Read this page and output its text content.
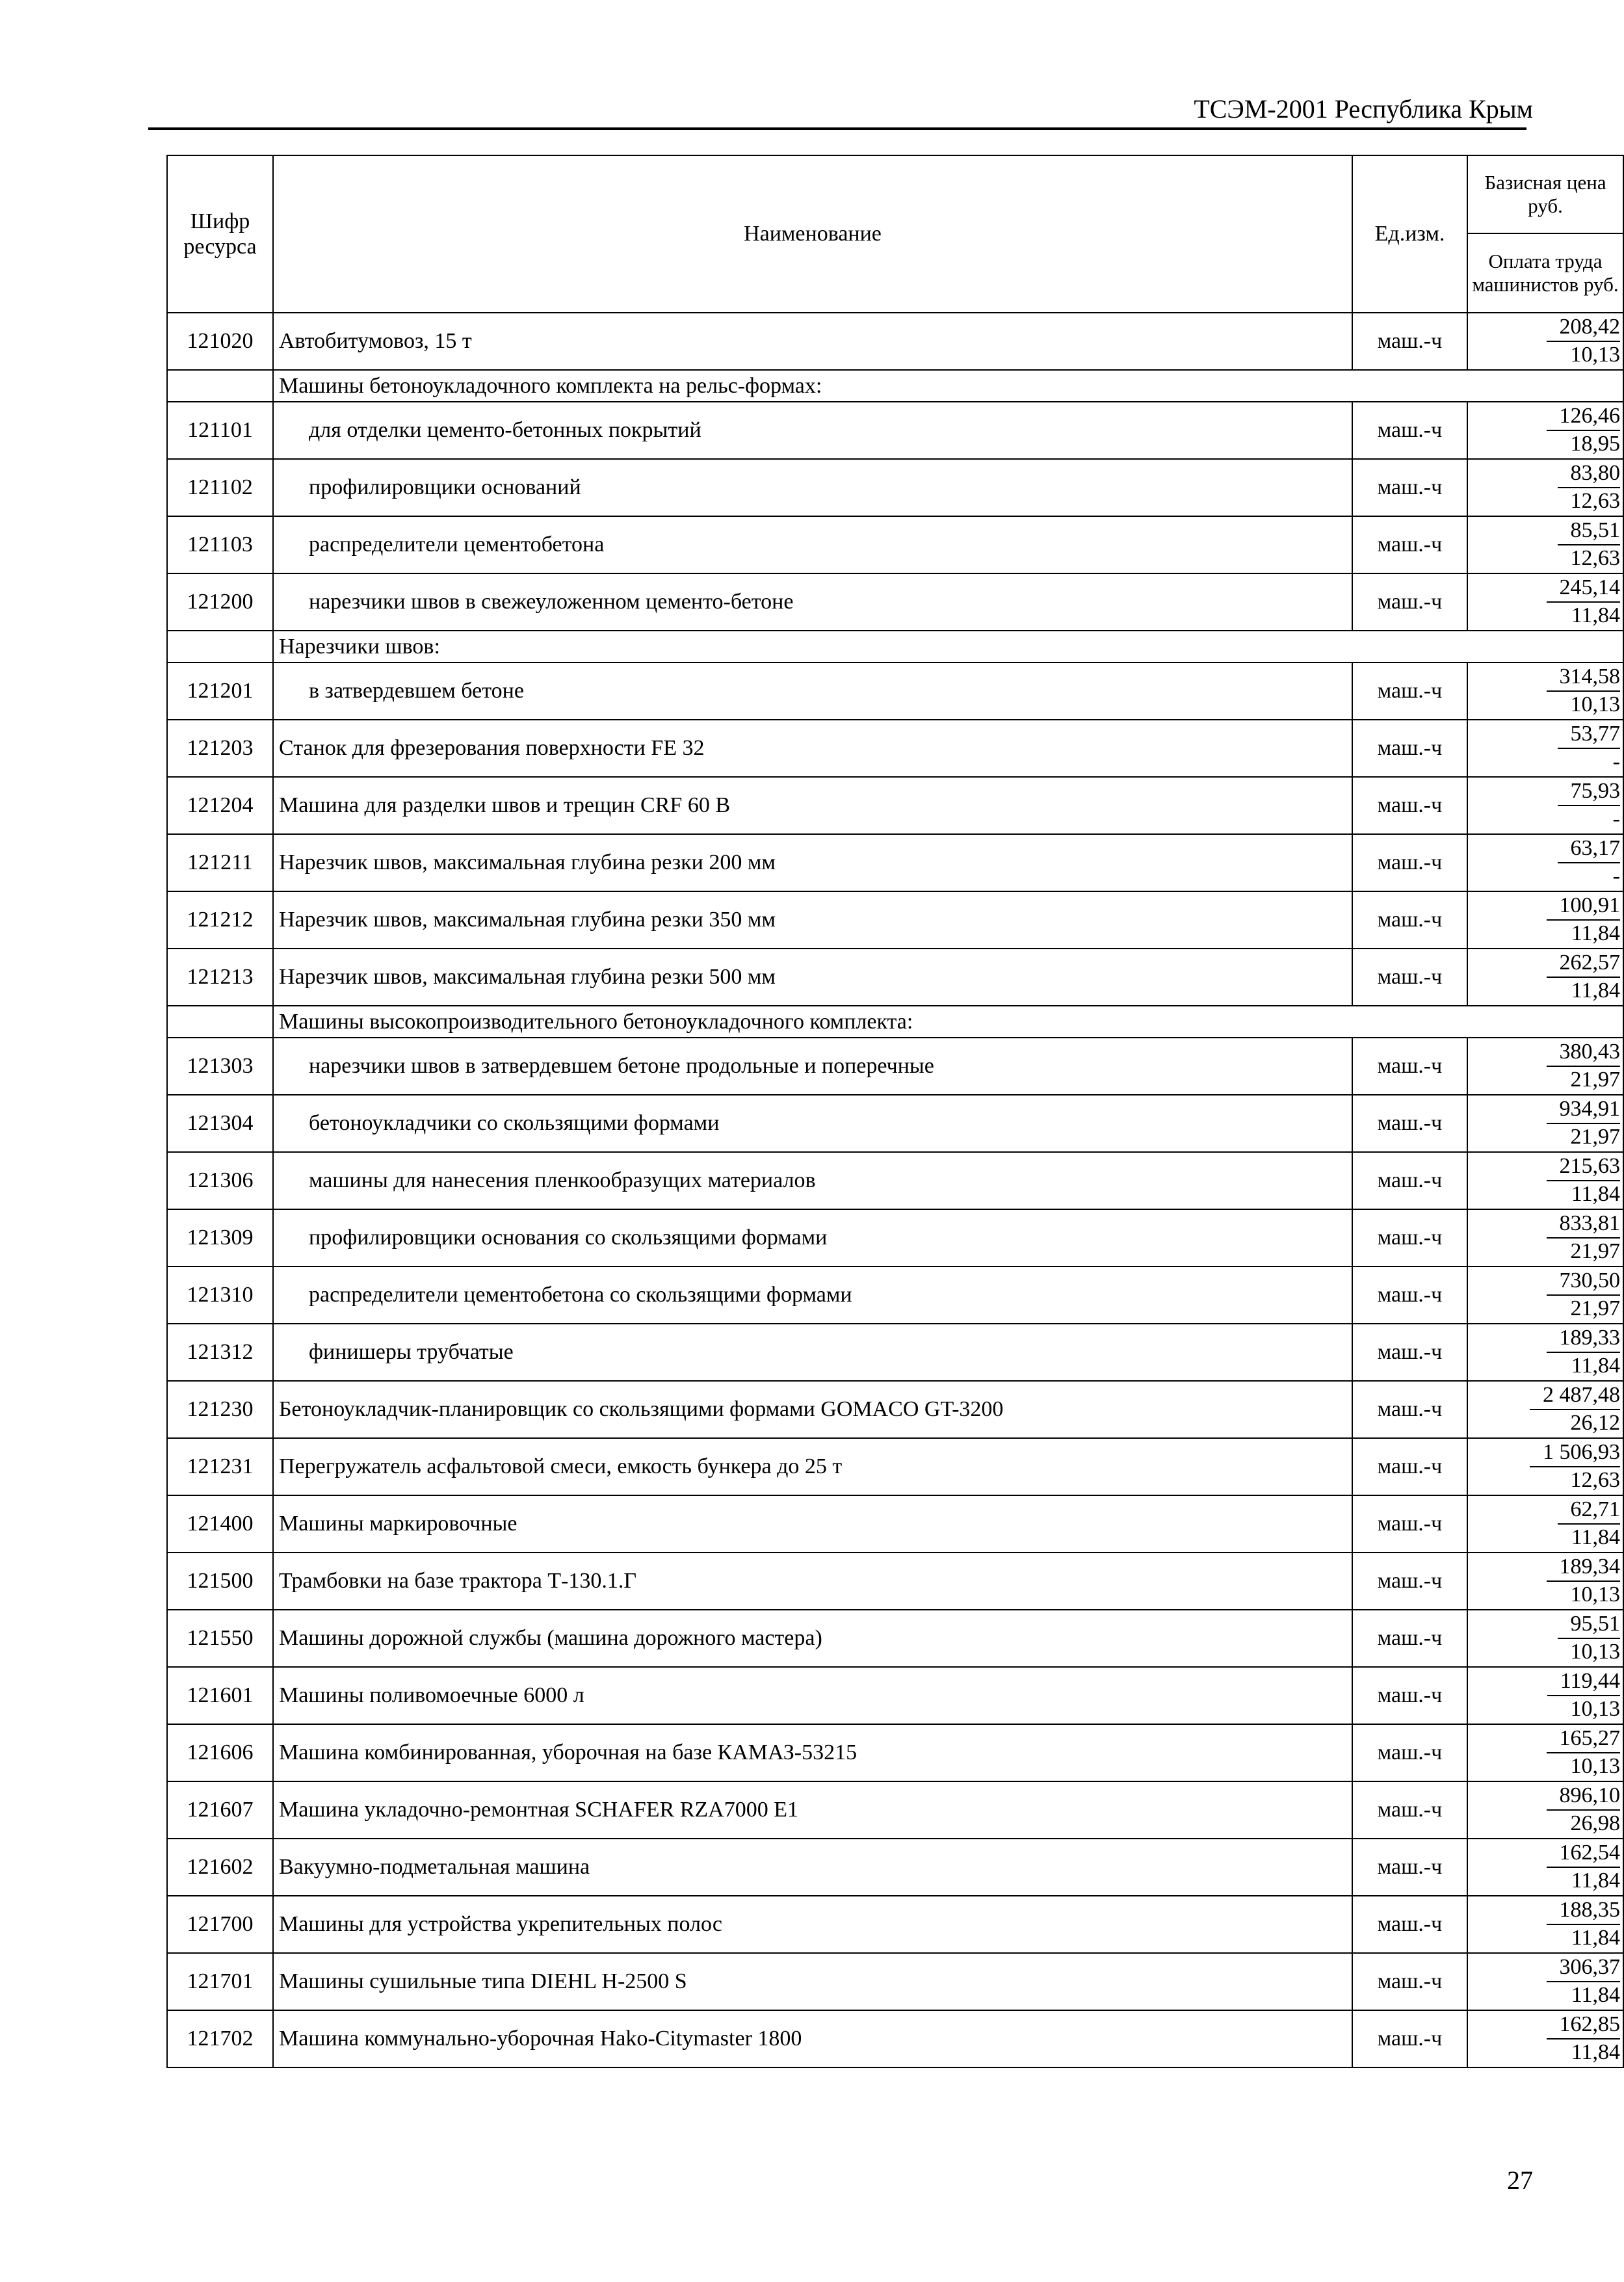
ТСЭМ-2001 Республика Крым
Шифр ресурса	Наименование	Ед.изм.	Базисная цена руб.
			Оплата труда машинистов руб.
121020	Автобитумовоз, 15 т	маш.-ч	208,42
10,13

	Машины бетоноукладочного комплекта на рельс-формах:		
121101	для отделки цементо-бетонных покрытий	маш.-ч	126,46
18,95

121102	профилировщики оснований	маш.-ч	83,80
12,63

121103	распределители цементобетона	маш.-ч	85,51
12,63

121200	нарезчики швов в свежеуложенном цементо-бетоне	маш.-ч	245,14
11,84

	Нарезчики швов:		
121201	в затвердевшем бетоне	маш.-ч	314,58
10,13

121203	Станок для фрезерования поверхности FE 32	маш.-ч	53,77
-

121204	Машина для разделки швов и трещин CRF 60 B	маш.-ч	75,93
-

121211	Нарезчик швов, максимальная глубина резки 200 мм	маш.-ч	63,17
-

121212	Нарезчик швов, максимальная глубина резки 350 мм	маш.-ч	100,91
11,84

121213	Нарезчик швов, максимальная глубина резки 500 мм	маш.-ч	262,57
11,84

	Машины высокопроизводительного бетоноукладочного комплекта:		
121303	нарезчики швов в затвердевшем бетоне продольные и поперечные	маш.-ч	380,43
21,97

121304	бетоноукладчики со скользящими формами	маш.-ч	934,91
21,97

121306	машины для нанесения пленкообразущих материалов	маш.-ч	215,63
11,84

121309	профилировщики основания со скользящими формами	маш.-ч	833,81
21,97

121310	распределители цементобетона со скользящими формами	маш.-ч	730,50
21,97

121312	финишеры трубчатые	маш.-ч	189,33
11,84

121230	Бетоноукладчик-планировщик со скользящими формами GOMACO GT-3200	маш.-ч	2 487,48
26,12

121231	Перегружатель асфальтовой смеси, емкость бункера до 25 т	маш.-ч	1 506,93
12,63

121400	Машины маркировочные	маш.-ч	62,71
11,84

121500	Трамбовки на базе трактора Т-130.1.Г	маш.-ч	189,34
10,13

121550	Машины дорожной службы (машина дорожного мастера)	маш.-ч	95,51
10,13

121601	Машины поливомоечные 6000 л	маш.-ч	119,44
10,13

121606	Машина комбинированная, уборочная на базе КАМАЗ-53215	маш.-ч	165,27
10,13

121607	Машина укладочно-ремонтная SCHAFER RZA7000 E1	маш.-ч	896,10
26,98

121602	Вакуумно-подметальная машина	маш.-ч	162,54
11,84

121700	Машины для устройства укрепительных полос	маш.-ч	188,35
11,84

121701	Машины сушильные типа DIEHL H-2500 S	маш.-ч	306,37
11,84

121702	Машина коммунально-уборочная Hako-Citymaster 1800	маш.-ч	162,85
11,84
27
